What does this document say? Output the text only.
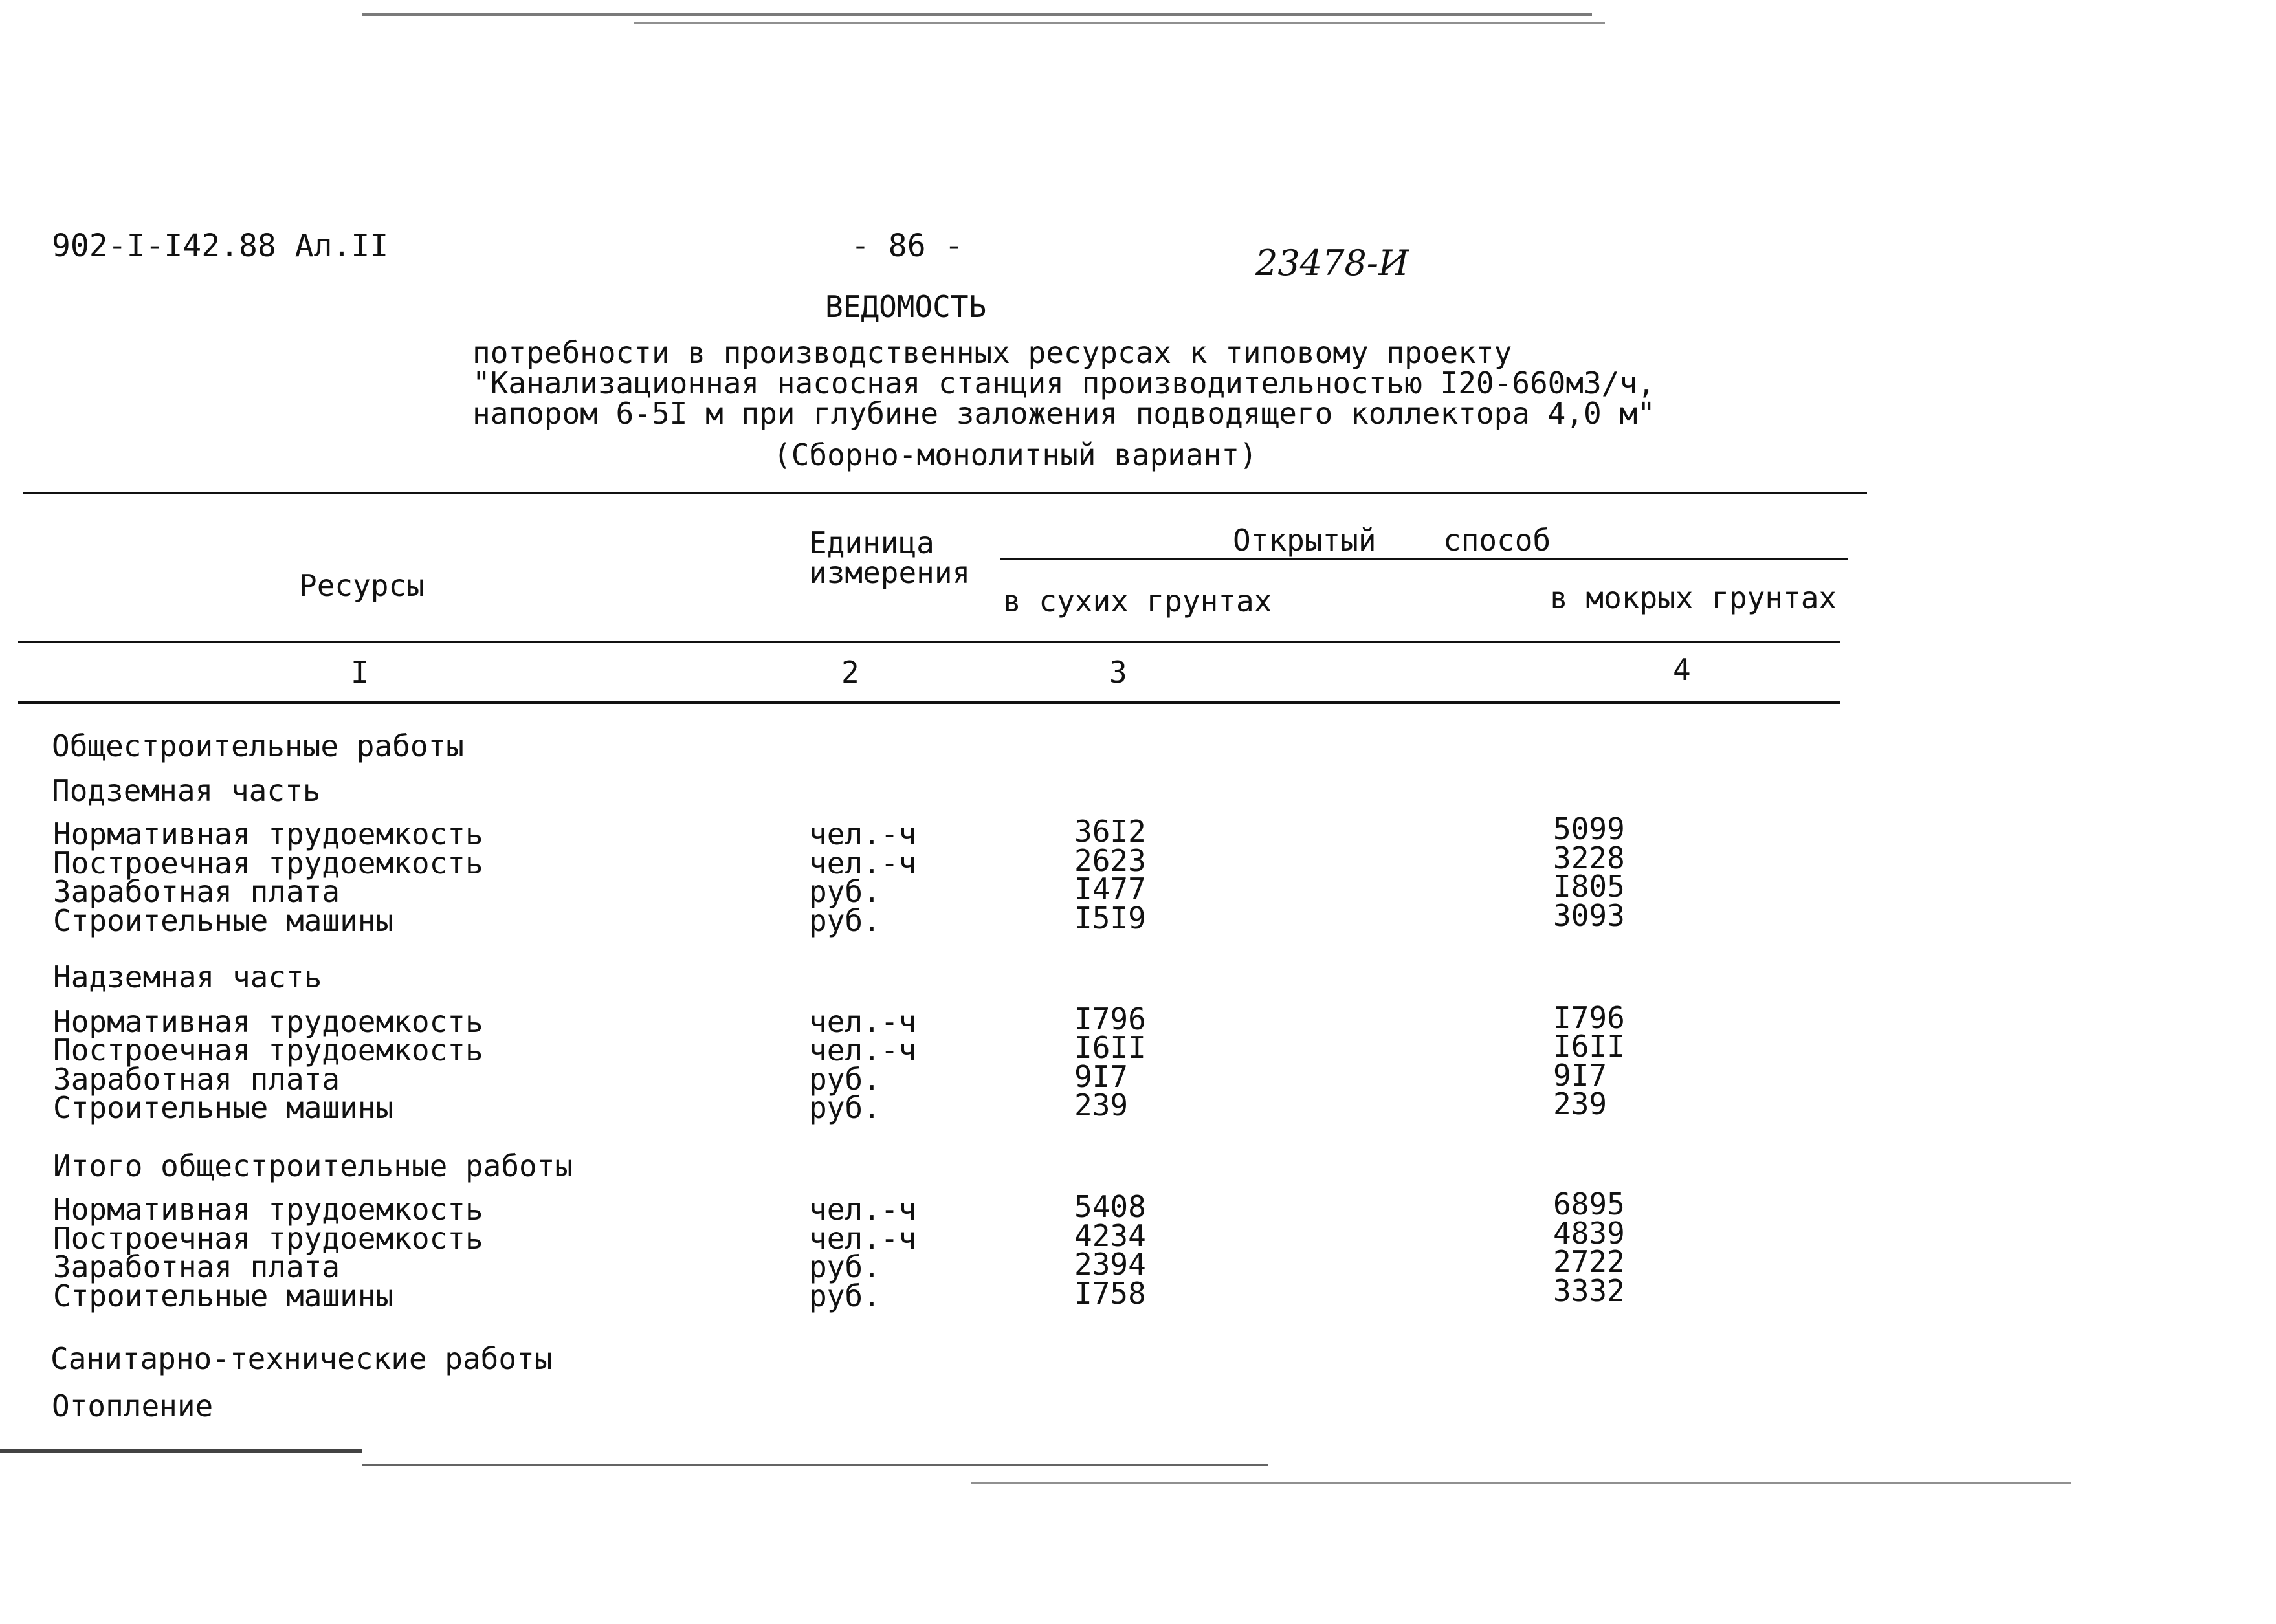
902-I-I42.88 Ал.II	- 86 -	23478-И
ВЕДОМОСТЬ
потребности в производственных ресурсах к типовому проекту
"Канализационная насосная станция производительностью I20-660м3/ч,
напором 6-5I м при глубине заложения подводящего коллектора 4,0 м"
(Сборно-монолитный вариант)
Ресурсы
Единица
измерения
Открытый способ
в сухих грунтах	в мокрых грунтах
I	2	3	4
Общестроительные работы
Подземная часть
Нормативная трудоемкость	чел.-ч	36I2	5099
Построечная трудоемкость	чел.-ч	2623	3228
Заработная плата	руб.	I477	I805
Строительные машины	руб.	I5I9	3093
Надземная часть
Нормативная трудоемкость	чел.-ч	I796	I796
Построечная трудоемкость	чел.-ч	I6II	I6II
Заработная плата	руб.	9I7	9I7
Строительные машины	руб.	239	239
Итого общестроительные работы
Нормативная трудоемкость	чел.-ч	5408	6895
Построечная трудоемкость	чел.-ч	4234	4839
Заработная плата	руб.	2394	2722
Строительные машины	руб.	I758	3332
Санитарно-технические работы
Отопление
